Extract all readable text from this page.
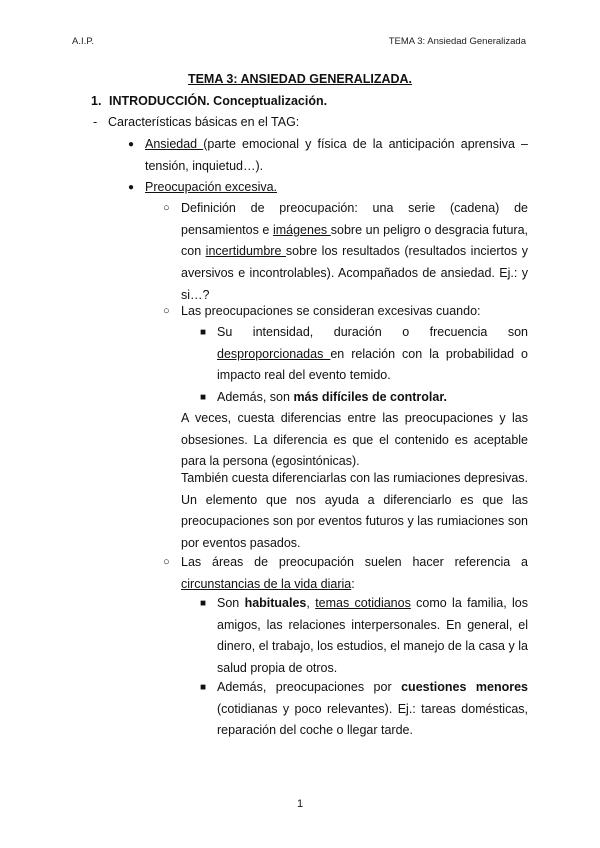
A.I.P.	TEMA 3: Ansiedad Generalizada
TEMA 3: ANSIEDAD GENERALIZADA.
1. INTRODUCCIÓN. Conceptualización.
- Características básicas en el TAG:
● Ansiedad (parte emocional y física de la anticipación aprensiva – tensión, inquietud…).
● Preocupación excesiva.
○ Definición de preocupación: una serie (cadena) de pensamientos e imágenes sobre un peligro o desgracia futura, con incertidumbre sobre los resultados (resultados inciertos y aversivos e incontrolables). Acompañados de ansiedad. Ej.: y si…?
○ Las preocupaciones se consideran excesivas cuando:
■ Su intensidad, duración o frecuencia son desproporcionadas en relación con la probabilidad o impacto real del evento temido.
■ Además, son más difíciles de controlar.
A veces, cuesta diferencias entre las preocupaciones y las obsesiones. La diferencia es que el contenido es aceptable para la persona (egosintónicas).
También cuesta diferenciarlas con las rumiaciones depresivas. Un elemento que nos ayuda a diferenciarlo es que las preocupaciones son por eventos futuros y las rumiaciones son por eventos pasados.
○ Las áreas de preocupación suelen hacer referencia a circunstancias de la vida diaria:
■ Son habituales, temas cotidianos como la familia, los amigos, las relaciones interpersonales. En general, el dinero, el trabajo, los estudios, el manejo de la casa y la salud propia de otros.
■ Además, preocupaciones por cuestiones menores (cotidianas y poco relevantes). Ej.: tareas domésticas, reparación del coche o llegar tarde.
1
